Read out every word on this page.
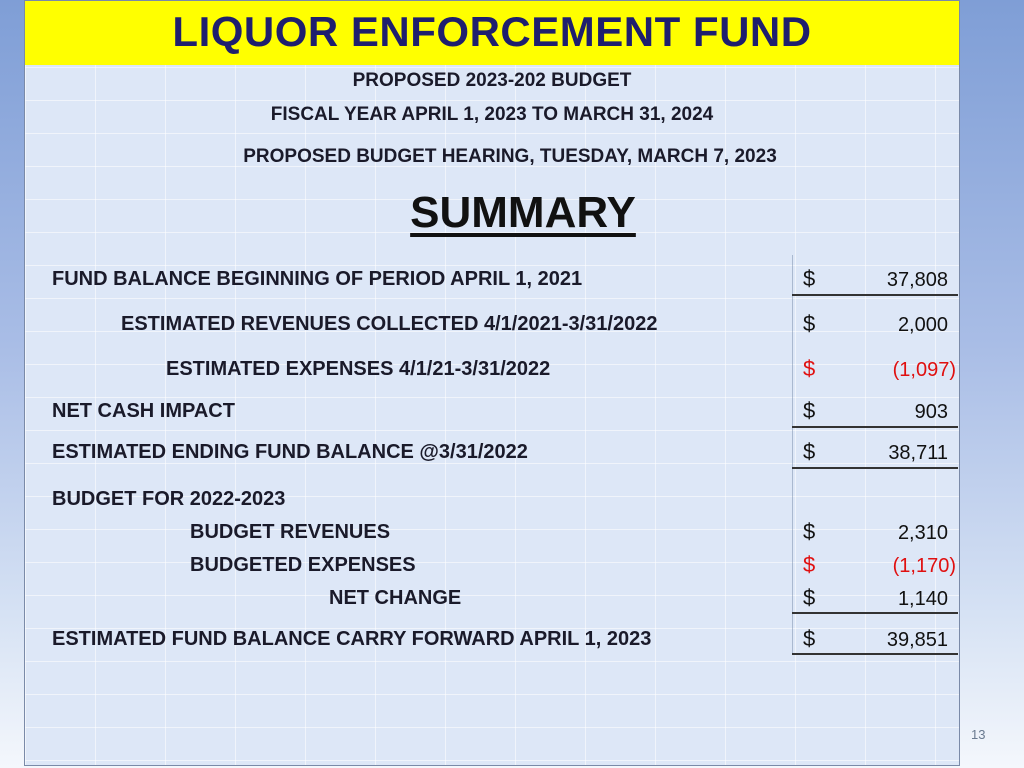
LIQUOR ENFORCEMENT FUND
PROPOSED 2023-202 BUDGET
FISCAL YEAR APRIL 1, 2023 TO MARCH 31, 2024
PROPOSED BUDGET HEARING, TUESDAY, MARCH 7, 2023
SUMMARY
FUND BALANCE BEGINNING OF PERIOD APRIL 1, 2021	$	37,808
ESTIMATED REVENUES COLLECTED 4/1/2021-3/31/2022	$	2,000
ESTIMATED EXPENSES 4/1/21-3/31/2022	$	(1,097)
NET CASH IMPACT	$	903
ESTIMATED ENDING FUND BALANCE @3/31/2022	$	38,711
BUDGET FOR 2022-2023
BUDGET REVENUES	$	2,310
BUDGETED EXPENSES	$	(1,170)
NET CHANGE	$	1,140
ESTIMATED FUND BALANCE CARRY FORWARD APRIL 1, 2023	$	39,851
13
